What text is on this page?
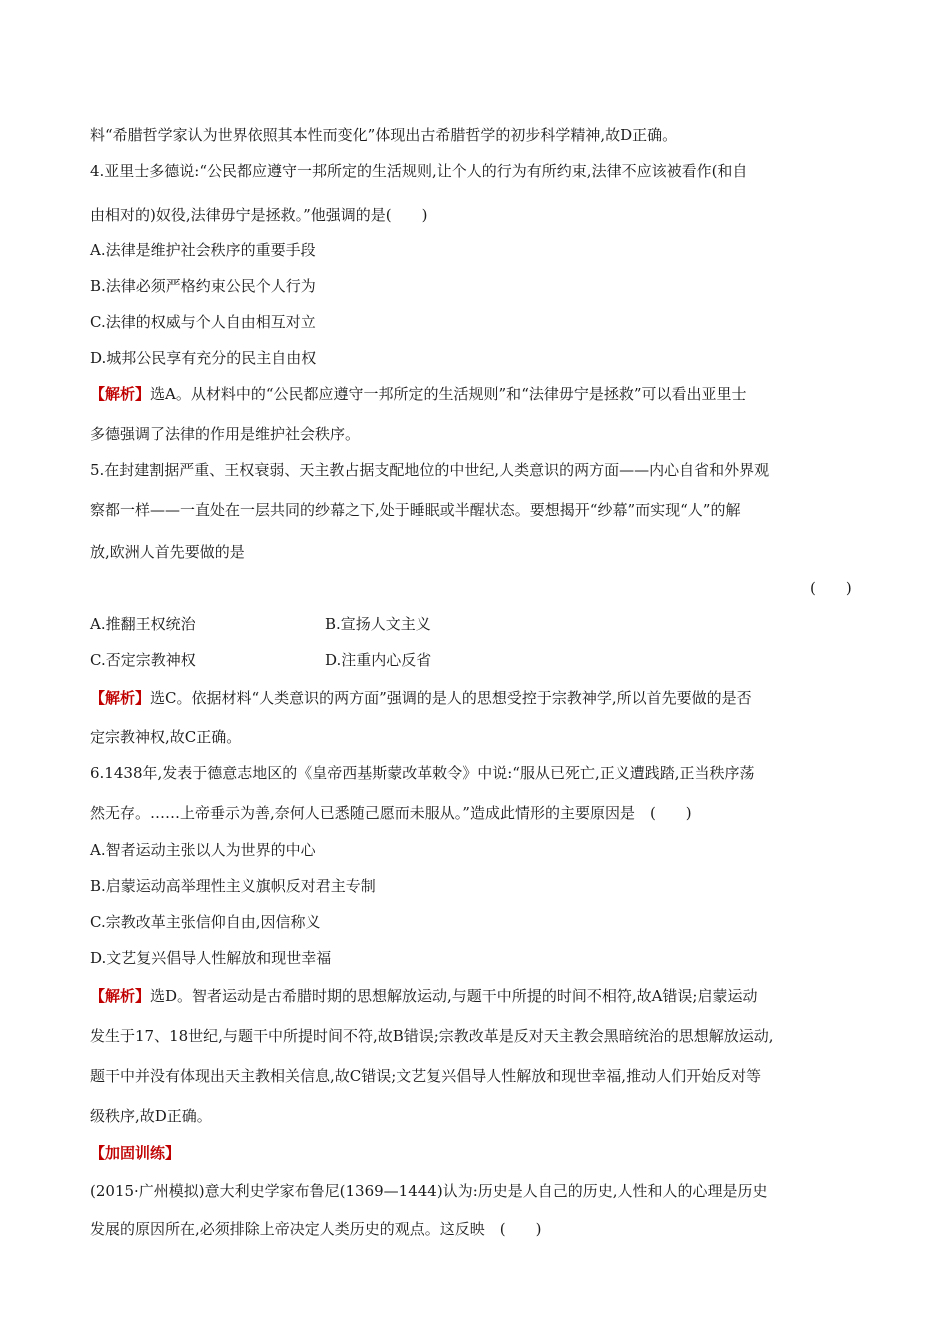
料“希腊哲学家认为世界依照其本性而变化”体现出古希腊哲学的初步科学精神,故D正确。
4.亚里士多德说:“公民都应遵守一邦所定的生活规则,让个人的行为有所约束,法律不应该被看作(和自
由相对的)奴役,法律毋宁是拯救。”他强调的是(　　)
A.法律是维护社会秩序的重要手段
B.法律必须严格约束公民个人行为
C.法律的权威与个人自由相互对立
D.城邦公民享有充分的民主自由权
【解析】选A。从材料中的“公民都应遵守一邦所定的生活规则”和“法律毋宁是拯救”可以看出亚里士
多德强调了法律的作用是维护社会秩序。
5.在封建割据严重、王权衰弱、天主教占据支配地位的中世纪,人类意识的两方面——内心自省和外界观
察都一样——一直处在一层共同的纱幕之下,处于睡眠或半醒状态。要想揭开“纱幕”而实现“人”的解
放,欧洲人首先要做的是
(　　)
A.推翻王权统治	B.宣扬人文主义
C.否定宗教神权	D.注重内心反省
【解析】选C。依据材料“人类意识的两方面”强调的是人的思想受控于宗教神学,所以首先要做的是否
定宗教神权,故C正确。
6.1438年,发表于德意志地区的《皇帝西基斯蒙改革敕令》中说:“服从已死亡,正义遭践踏,正当秩序荡
然无存。……上帝垂示为善,奈何人已悉随己愿而未服从。”造成此情形的主要原因是　(　　)
A.智者运动主张以人为世界的中心
B.启蒙运动高举理性主义旗帜反对君主专制
C.宗教改革主张信仰自由,因信称义
D.文艺复兴倡导人性解放和现世幸福
【解析】选D。智者运动是古希腊时期的思想解放运动,与题干中所提的时间不相符,故A错误;启蒙运动
发生于17、18世纪,与题干中所提时间不符,故B错误;宗教改革是反对天主教会黑暗统治的思想解放运动,
题干中并没有体现出天主教相关信息,故C错误;文艺复兴倡导人性解放和现世幸福,推动人们开始反对等
级秩序,故D正确。
【加固训练】
(2015·广州模拟)意大利史学家布鲁尼(1369—1444)认为:历史是人自己的历史,人性和人的心理是历史
发展的原因所在,必须排除上帝决定人类历史的观点。这反映　(　　)
